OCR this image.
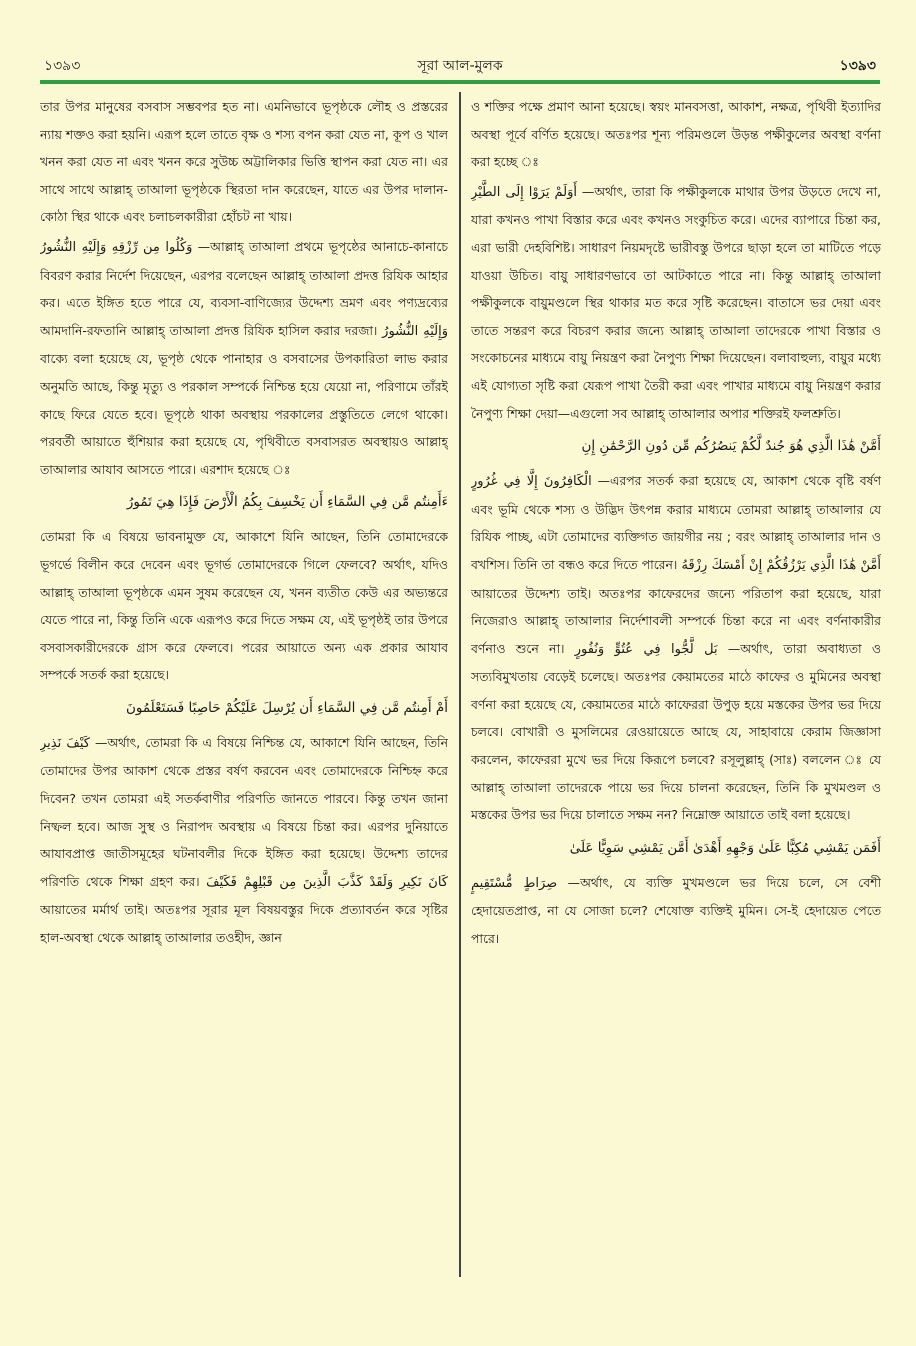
১৩৯৩	সূরা আল-মুলক	১৩৯৩

তার উপর মানুষের বসবাস সম্ভবপর হত না। এমনিভাবে ভূপৃষ্ঠকে লৌহ ও প্রস্তরের ন্যায় শক্তও করা হয়নি। এরূপ হলে তাতে বৃক্ষ ও শস্য বপন করা যেত না, কূপ ও খাল খনন করা যেত না এবং খনন করে সুউচ্চ অট্টালিকার ভিত্তি স্থাপন করা যেত না। এর সাথে সাথে আল্লাহ্ তাআলা ভূপৃষ্ঠকে স্থিরতা দান করেছেন, যাতে এর উপর দালান-কোঠা স্থির থাকে এবং চলাচলকারীরা হোঁচট না খায়।

وَكُلُوا مِن رِّزْقِهِ وَإِلَيْهِ النُّشُورُ —আল্লাহ্ তাআলা প্রথমে ভূপৃষ্ঠের আনাচে-কানাচে বিবরণ করার নির্দেশ দিয়েছেন, এরপর বলেছেন আল্লাহ্ তাআলা প্রদত্ত রিযিক আহার কর। এতে ইঙ্গিত হতে পারে যে, ব্যবসা-বাণিজ্যের উদ্দেশ্য ভ্রমণ এবং পণ্যদ্রব্যের আমদানি-রফতানি আল্লাহ্ তাআলা প্রদত্ত রিযিক হাসিল করার দরজা। وَإِلَيْهِ النُّشُورُ বাক্যে বলা হয়েছে যে, ভূপৃষ্ঠ থেকে পানাহার ও বসবাসের উপকারিতা লাভ করার অনুমতি আছে, কিন্তু মৃত্যু ও পরকাল সম্পর্কে নিশ্চিন্ত হয়ে যেয়ো না, পরিণামে তাঁরই কাছে ফিরে যেতে হবে। ভূপৃষ্ঠে থাকা অবস্থায় পরকালের প্রস্তুতিতে লেগে থাকো। পরবর্তী আয়াতে হুঁশিয়ার করা হয়েছে যে, পৃথিবীতে বসবাসরত অবস্থায়ও আল্লাহ্ তাআলার আযাব আসতে পারে। এরশাদ হয়েছে ঃ

ءَأَمِنتُم مَّن فِي السَّمَاءِ أَن يَخْسِفَ بِكُمُ الْأَرْضَ فَإِذَا هِيَ تَمُورُ

তোমরা কি এ বিষয়ে ভাবনামুক্ত যে, আকাশে যিনি আছেন, তিনি তোমাদেরকে ভূগর্ভে বিলীন করে দেবেন এবং ভূগর্ভ তোমাদেরকে গিলে ফেলবে? অর্থাৎ, যদিও আল্লাহ্ তাআলা ভূপৃষ্ঠকে এমন সুষম করেছেন যে, খনন ব্যতীত কেউ এর অভ্যন্তরে যেতে পারে না, কিন্তু তিনি একে এরূপও করে দিতে সক্ষম যে, এই ভূপৃষ্ঠই তার উপরে বসবাসকারীদেরকে গ্রাস করে ফেলবে। পরের আয়াতে অন্য এক প্রকার আযাব সম্পর্কে সতর্ক করা হয়েছে।

أَمْ أَمِنتُم مَّن فِي السَّمَاءِ أَن يُرْسِلَ عَلَيْكُمْ حَاصِبًا فَسَتَعْلَمُونَ

كَيْفَ نَذِيرِ —অর্থাৎ, তোমরা কি এ বিষয়ে নিশ্চিন্ত যে, আকাশে যিনি আছেন, তিনি তোমাদের উপর আকাশ থেকে প্রস্তর বর্ষণ করবেন এবং তোমাদেরকে নিশ্চিহ্ন করে দিবেন? তখন তোমরা এই সতর্কবাণীর পরিণতি জানতে পারবে। কিন্তু তখন জানা নিষ্ফল হবে। আজ সুস্থ ও নিরাপদ অবস্থায় এ বিষয়ে চিন্তা কর। এরপর দুনিয়াতে আযাবপ্রাপ্ত জাতীসমূহের ঘটনাবলীর দিকে ইঙ্গিত করা হয়েছে। উদ্দেশ্য তাদের পরিণতি থেকে শিক্ষা গ্রহণ কর। وَلَقَدْ كَذَّبَ الَّذِينَ مِن قَبْلِهِمْ فَكَيْفَ كَانَ نَكِيرِ আয়াতের মর্মার্থ তাই। অতঃপর সূরার মূল বিষয়বস্তুর দিকে প্রত্যাবর্তন করে সৃষ্টির হাল-অবস্থা থেকে আল্লাহ্ তাআলার তওহীদ, জ্ঞান

ও শক্তির পক্ষে প্রমাণ আনা হয়েছে। স্বয়ং মানবসত্তা, আকাশ, নক্ষত্র, পৃথিবী ইত্যাদির অবস্থা পূর্বে বর্ণিত হয়েছে। অতঃপর শূন্য পরিমণ্ডলে উড়ন্ত পক্ষীকুলের অবস্থা বর্ণনা করা হচ্ছে ঃ

أَوَلَمْ يَرَوْا إِلَى الطَّيْرِ —অর্থাৎ, তারা কি পক্ষীকুলকে মাথার উপর উড়তে দেখে না, যারা কখনও পাখা বিস্তার করে এবং কখনও সংকুচিত করে। এদের ব্যাপারে চিন্তা কর, এরা ভারী দেহবিশিষ্ট। সাধারণ নিয়মদৃষ্টে ভারীবস্তু উপরে ছাড়া হলে তা মাটিতে পড়ে যাওয়া উচিত। বায়ু সাধারণভাবে তা আটকাতে পারে না। কিন্তু আল্লাহ্ তাআলা পক্ষীকুলকে বায়ুমণ্ডলে স্থির থাকার মত করে সৃষ্টি করেছেন। বাতাসে ভর দেয়া এবং তাতে সন্তরণ করে বিচরণ করার জন্যে আল্লাহ্ তাআলা তাদেরকে পাখা বিস্তার ও সংকোচনের মাধ্যমে বায়ু নিয়ন্ত্রণ করা নৈপুণ্য শিক্ষা দিয়েছেন। বলাবাহুল্য, বায়ুর মধ্যে এই যোগ্যতা সৃষ্টি করা যেরূপ পাখা তৈরী করা এবং পাখার মাধ্যমে বায়ু নিয়ন্ত্রণ করার নৈপুণ্য শিক্ষা দেয়া—এগুলো সব আল্লাহ্ তাআলার অপার শক্তিরই ফলশ্রুতি।

أَمَّنْ هَٰذَا الَّذِي هُوَ جُندٌ لَّكُمْ يَنصُرُكُم مِّن دُونِ الرَّحْمَٰنِ إِنِ

الْكَافِرُونَ إِلَّا فِي غُرُورٍ —এরপর সতর্ক করা হয়েছে যে, আকাশ থেকে বৃষ্টি বর্ষণ এবং ভূমি থেকে শস্য ও উদ্ভিদ উৎপন্ন করার মাধ্যমে তোমরা আল্লাহ্ তাআলার যে রিযিক পাচ্ছ, এটা তোমাদের ব্যক্তিগত জায়গীর নয় ; বরং আল্লাহ্ তাআলার দান ও বখশিস। তিনি তা বন্ধও করে দিতে পারেন। أَمَّنْ هَٰذَا الَّذِي يَرْزُقُكُمْ إِنْ أَمْسَكَ رِزْقَهُ আয়াতের উদ্দেশ্য তাই। অতঃপর কাফেরদের জন্যে পরিতাপ করা হয়েছে, যারা নিজেরাও আল্লাহ্ তাআলার নির্দেশাবলী সম্পর্কে চিন্তা করে না এবং বর্ণনাকারীর বর্ণনাও শুনে না। بَل لَّجُّوا فِي عُتُوٍّ وَنُفُورٍ —অর্থাৎ, তারা অবাধ্যতা ও সত্যবিমুখতায় বেড়েই চলেছে। অতঃপর কেয়ামতের মাঠে কাফের ও মুমিনের অবস্থা বর্ণনা করা হয়েছে যে, কেয়ামতের মাঠে কাফেররা উপুড় হয়ে মস্তকের উপর ভর দিয়ে চলবে। বোখারী ও মুসলিমের রেওয়ায়েতে আছে যে, সাহাবায়ে কেরাম জিজ্ঞাসা করলেন, কাফেররা মুখে ভর দিয়ে কিরূপে চলবে? রসূলুল্লাহ্ (সাঃ) বললেন ঃ যে আল্লাহ্ তাআলা তাদেরকে পায়ে ভর দিয়ে চালনা করেছেন, তিনি কি মুখমণ্ডল ও মস্তকের উপর ভর দিয়ে চালাতে সক্ষম নন? নিম্নোক্ত আয়াতে তাই বলা হয়েছে।

أَفَمَن يَمْشِي مُكِبًّا عَلَىٰ وَجْهِهِ أَهْدَىٰ أَمَّن يَمْشِي سَوِيًّا عَلَىٰ

صِرَاطٍ مُّسْتَقِيمٍ —অর্থাৎ, যে ব্যক্তি মুখমণ্ডলে ভর দিয়ে চলে, সে বেশী হেদায়েতপ্রাপ্ত, না যে সোজা চলে? শেষোক্ত ব্যক্তিই মুমিন। সে-ই হেদায়েত পেতে পারে।
